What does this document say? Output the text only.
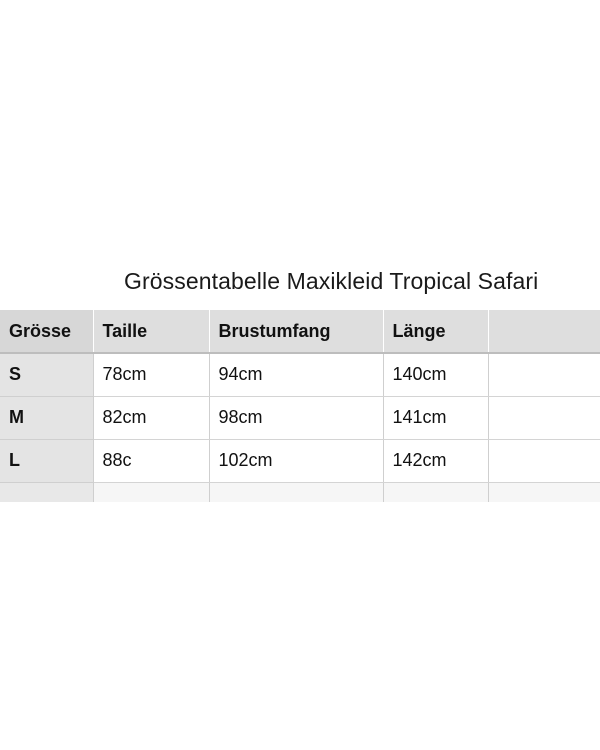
Grössentabelle Maxikleid Tropical Safari
Grösse	Taille	Brustumfang	Länge	
S	78cm	94cm	140cm	
M	82cm	98cm	141cm	
L	88c	102cm	142cm	
